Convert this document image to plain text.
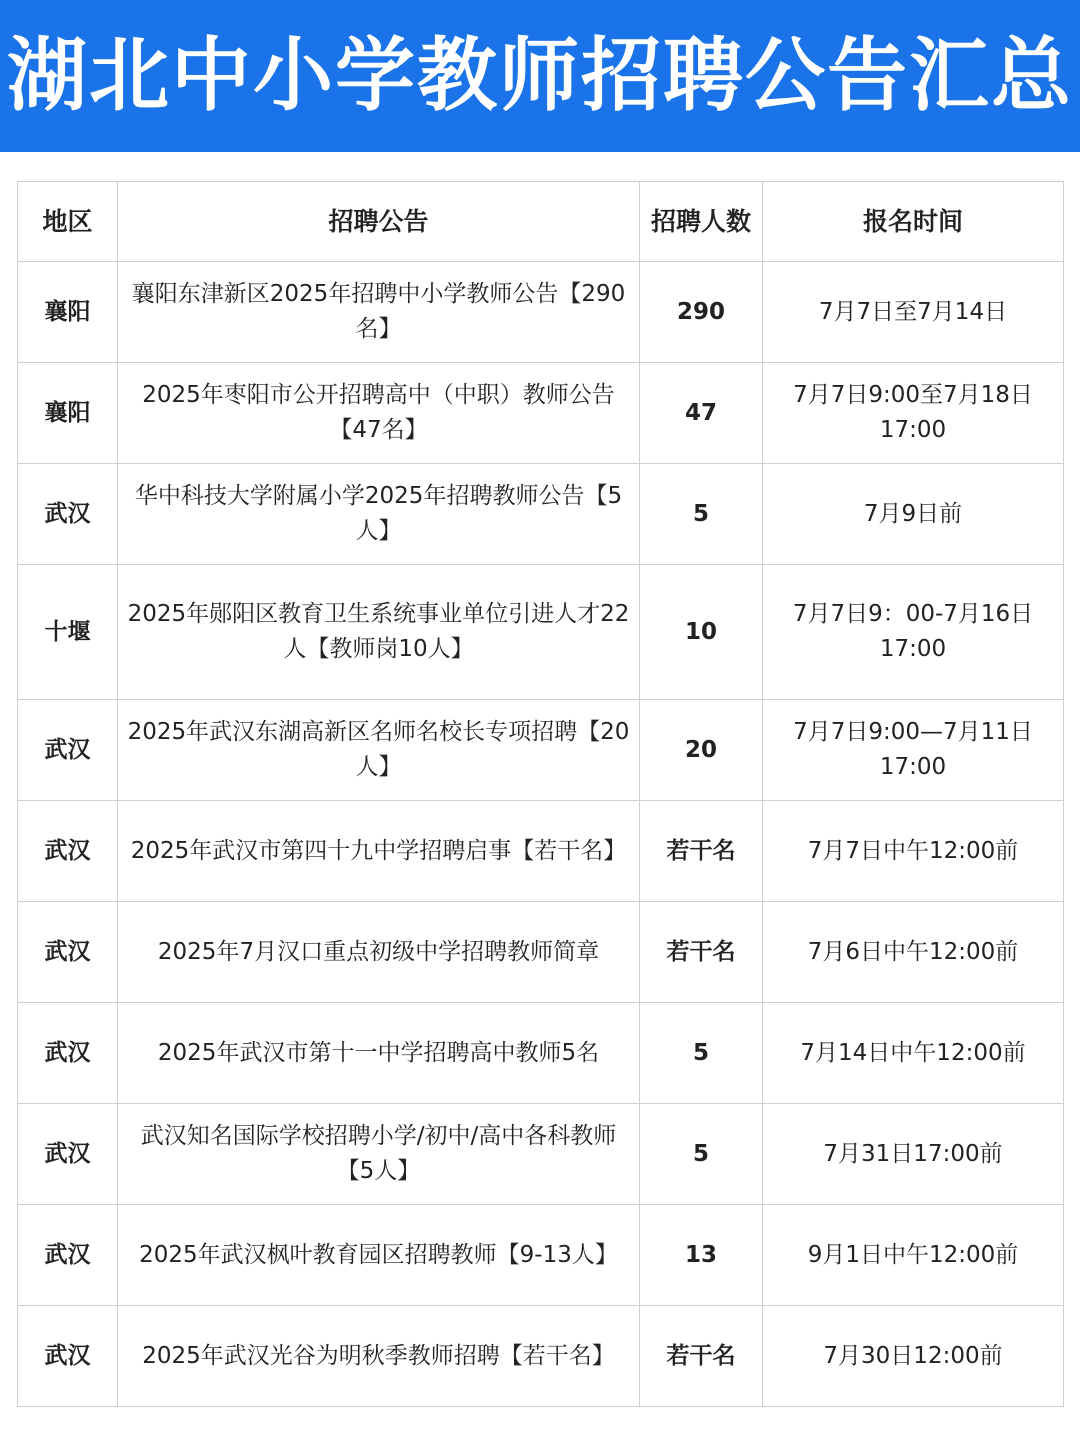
湖北中小学教师招聘公告汇总
地区	招聘公告	招聘人数	报名时间
襄阳	襄阳东津新区2025年招聘中小学教师公告【290名】	290	7月7日至7月14日
襄阳	2025年枣阳市公开招聘高中（中职）教师公告【47名】	47	7月7日9:00至7月18日17:00
武汉	华中科技大学附属小学2025年招聘教师公告【5人】	5	7月9日前
十堰	2025年郧阳区教育卫生系统事业单位引进人才22人【教师岗10人】	10	7月7日9：00-7月16日17:00
武汉	2025年武汉东湖高新区名师名校长专项招聘【20人】	20	7月7日9:00—7月11日17:00
武汉	2025年武汉市第四十九中学招聘启事【若干名】	若干名	7月7日中午12:00前
武汉	2025年7月汉口重点初级中学招聘教师简章	若干名	7月6日中午12:00前
武汉	2025年武汉市第十一中学招聘高中教师5名	5	7月14日中午12:00前
武汉	武汉知名国际学校招聘小学/初中/高中各科教师【5人】	5	7月31日17:00前
武汉	2025年武汉枫叶教育园区招聘教师【9-13人】	13	9月1日中午12:00前
武汉	2025年武汉光谷为明秋季教师招聘【若干名】	若干名	7月30日12:00前
